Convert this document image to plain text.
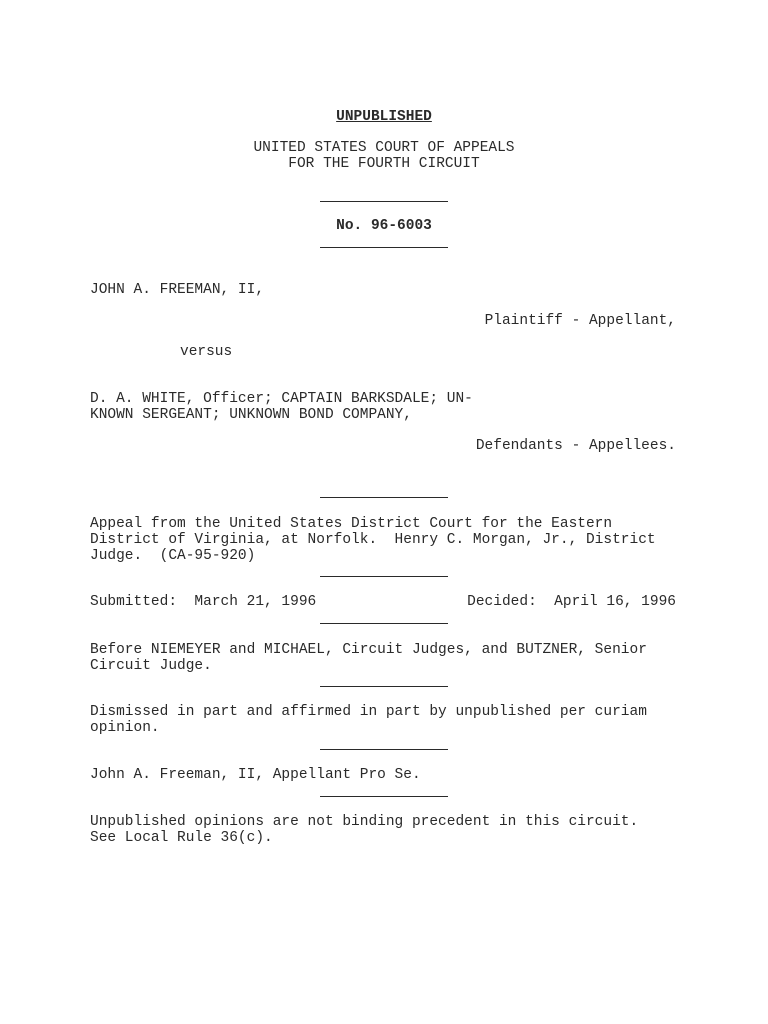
UNPUBLISHED
UNITED STATES COURT OF APPEALS
FOR THE FOURTH CIRCUIT
No. 96-6003
JOHN A. FREEMAN, II,
Plaintiff - Appellant,
versus
D. A. WHITE, Officer; CAPTAIN BARKSDALE; UN-
KNOWN SERGEANT; UNKNOWN BOND COMPANY,
Defendants - Appellees.
Appeal from the United States District Court for the Eastern
District of Virginia, at Norfolk.  Henry C. Morgan, Jr., District
Judge.  (CA-95-920)
Submitted:  March 21, 1996	Decided:  April 16, 1996
Before NIEMEYER and MICHAEL, Circuit Judges, and BUTZNER, Senior
Circuit Judge.
Dismissed in part and affirmed in part by unpublished per curiam
opinion.
John A. Freeman, II, Appellant Pro Se.
Unpublished opinions are not binding precedent in this circuit.
See Local Rule 36(c).
